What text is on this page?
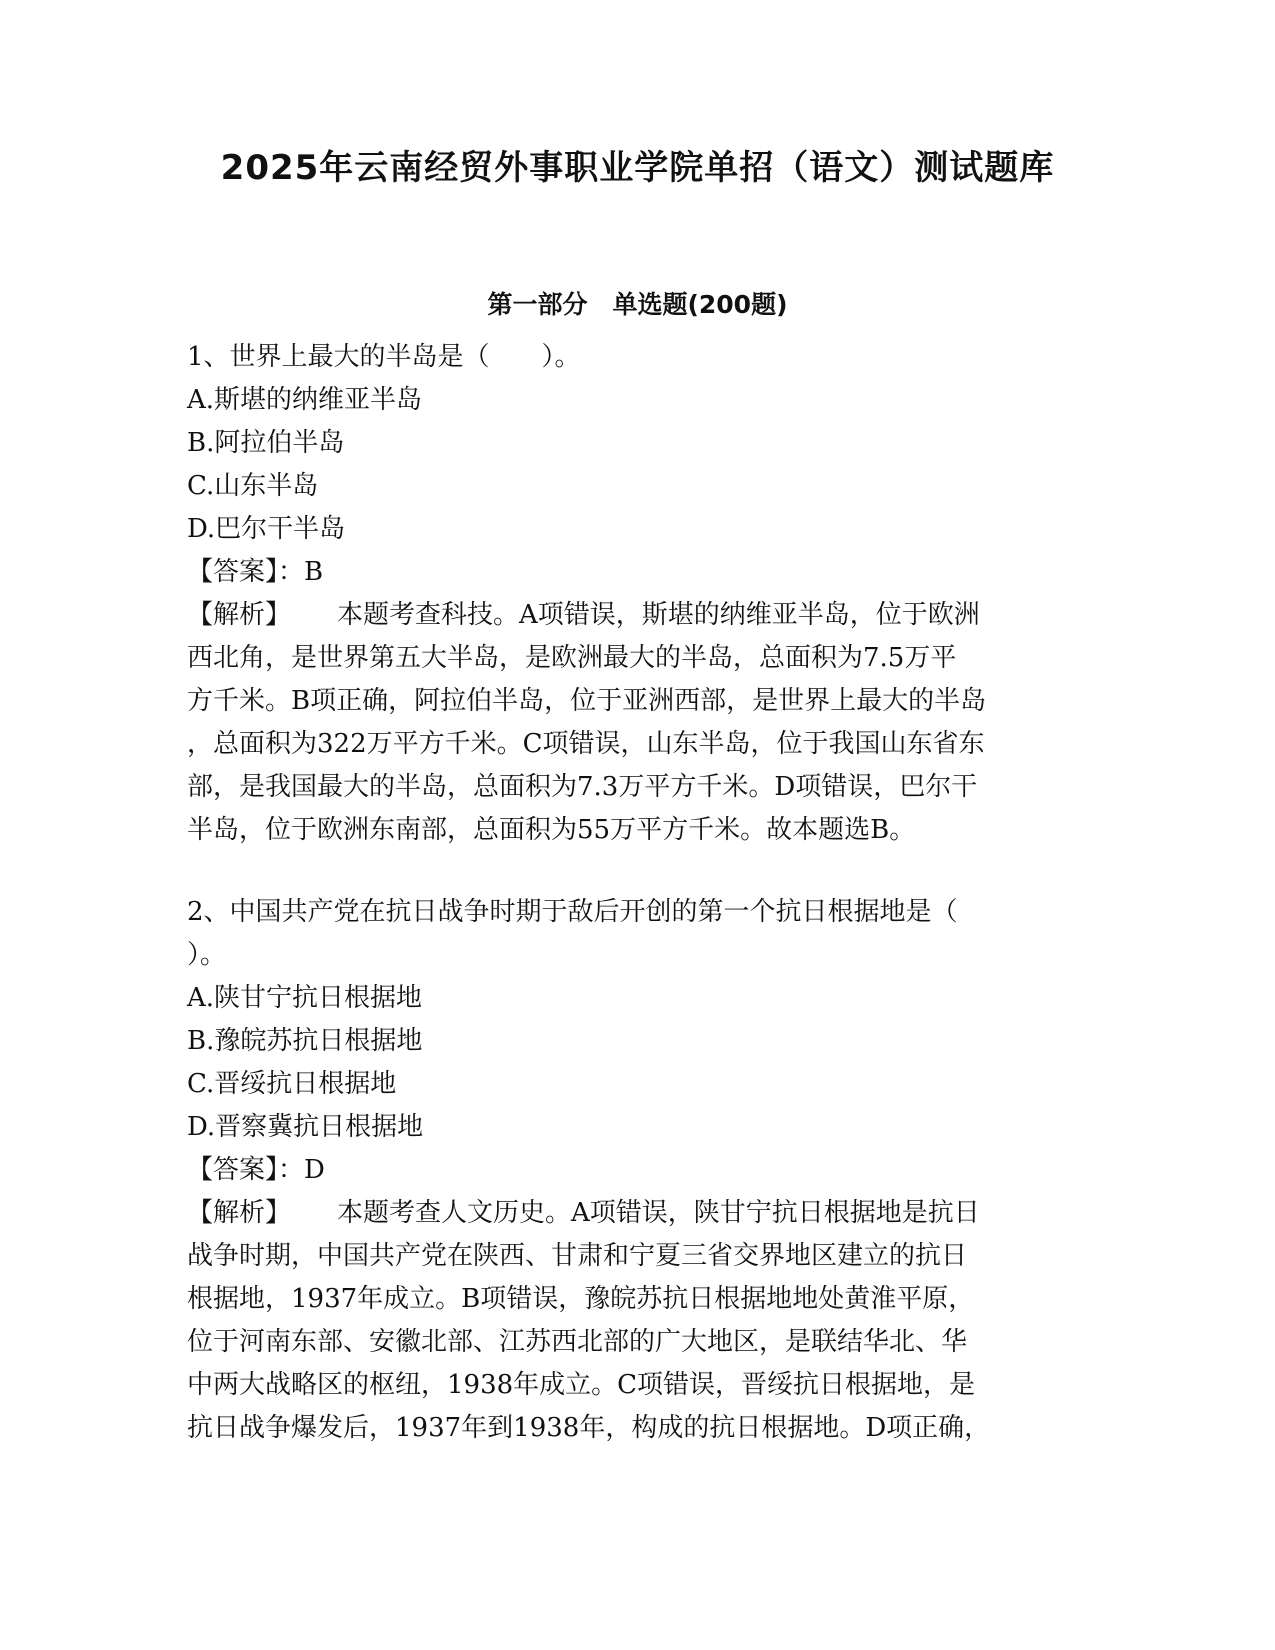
2025年云南经贸外事职业学院单招（语文）测试题库
第一部分　单选题(200题)
1、世界上最大的半岛是（　　）。
A.斯堪的纳维亚半岛
B.阿拉伯半岛
C.山东半岛
D.巴尔干半岛
【答案】：B
【解析】 本题考查科技。A项错误，斯堪的纳维亚半岛，位于欧洲
西北角，是世界第五大半岛，是欧洲最大的半岛，总面积为7.5万平
方千米。B项正确，阿拉伯半岛，位于亚洲西部，是世界上最大的半岛
，总面积为322万平方千米。C项错误，山东半岛，位于我国山东省东
部，是我国最大的半岛，总面积为7.3万平方千米。D项错误，巴尔干
半岛，位于欧洲东南部，总面积为55万平方千米。故本题选B。
2、中国共产党在抗日战争时期于敌后开创的第一个抗日根据地是（
）。
A.陕甘宁抗日根据地
B.豫皖苏抗日根据地
C.晋绥抗日根据地
D.晋察冀抗日根据地
【答案】：D
【解析】 本题考查人文历史。A项错误，陕甘宁抗日根据地是抗日
战争时期，中国共产党在陕西、甘肃和宁夏三省交界地区建立的抗日
根据地，1937年成立。B项错误，豫皖苏抗日根据地地处黄淮平原，
位于河南东部、安徽北部、江苏西北部的广大地区，是联结华北、华
中两大战略区的枢纽，1938年成立。C项错误，晋绥抗日根据地，是
抗日战争爆发后，1937年到1938年，构成的抗日根据地。D项正确，
